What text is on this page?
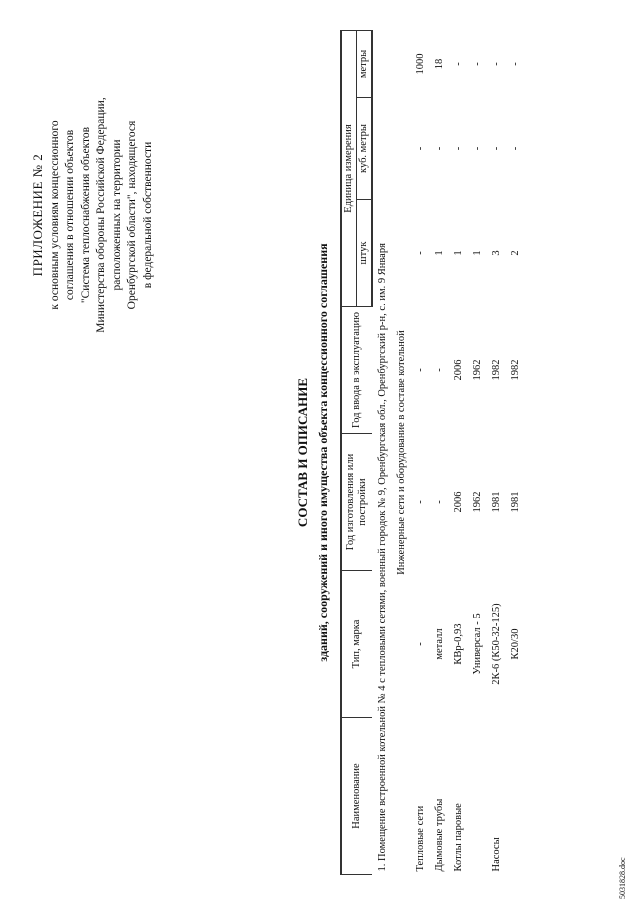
ПРИЛОЖЕНИЕ № 2 к основным условиям концессионного соглашения в отношении объектов "Система теплоснабжения объектов Министерства обороны Российской Федерации, расположенных на территории Оренбургской области", находящегося в федеральной собственности
СОСТАВ И ОПИСАНИЕ зданий, сооружений и иного имущества объекта концессионного соглашения
Наименование	Тип, марка	Год изготовления или постройки	Год ввода в эксплуатацию	Единица измерения		
				штук	куб. метры	метры
1. Помещение встроенной котельной № 4 с тепловыми сетями, военный городок № 9, Оренбургская обл., Оренбургский р-н, с. им. 9 Января						
Инженерные сети и оборудование в составе котельной						
Тепловые сети	-	-	-	-	-	1000
Дымовые трубы	металл	-	-	1	-	18
Котлы паровые	КВр-0,93	2006	2006	1	-	-
	Универсал - 5	1962	1962	1	-	-
Насосы	2К-6 (К50-32-125)	1981	1982	3	-	-
	К20/30	1981	1982	2	-	-
5031828.doc
